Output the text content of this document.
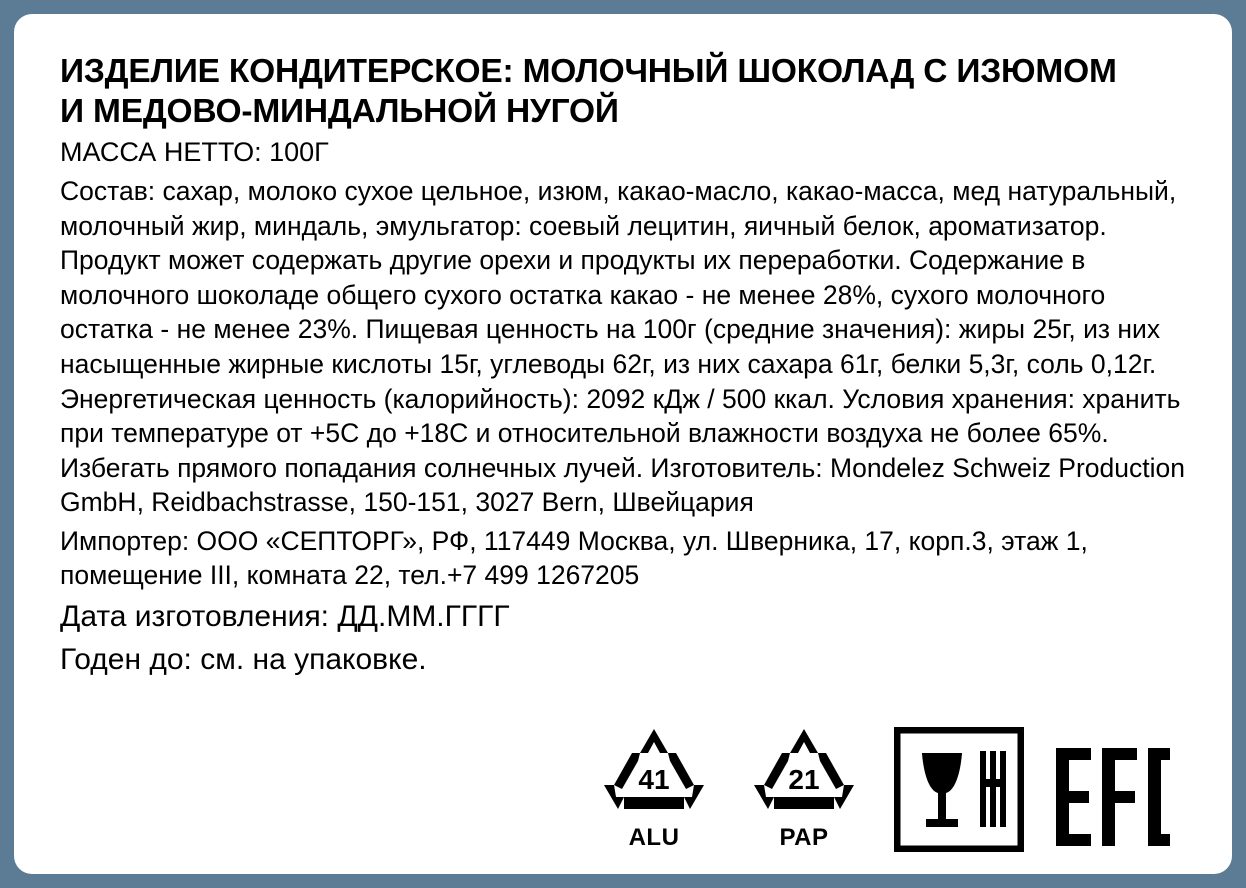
ИЗДЕЛИЕ КОНДИТЕРСКОЕ: МОЛОЧНЫЙ ШОКОЛАД С ИЗЮМОМ И МЕДОВО-МИНДАЛЬНОЙ НУГОЙ
МАССА НЕТТО: 100Г
Состав: сахар, молоко сухое цельное, изюм, какао-масло, какао-масса, мед натуральный, молочный жир, миндаль, эмульгатор: соевый лецитин, яичный белок, ароматизатор. Продукт может содержать другие орехи и продукты их переработки. Содержание в молочного шоколаде общего сухого остатка какао - не менее 28%, сухого молочного остатка - не менее 23%. Пищевая ценность на 100г (средние значения): жиры 25г, из них насыщенные жирные кислоты 15г, углеводы 62г, из них сахара 61г, белки 5,3г, соль 0,12г. Энергетическая ценность (калорийность): 2092 кДж / 500 ккал. Условия хранения: хранить при температуре от +5С до +18С и относительной влажности воздуха не более 65%. Избегать прямого попадания солнечных лучей. Изготовитель: Mondelez Schweiz Production GmbH, Reidbachstrasse, 150-151, 3027 Bern, Швейцария
Импортер: ООО «СЕПТОРГ», РФ, 117449 Москва, ул. Шверника, 17, корп.3, этаж 1, помещение III, комната 22, тел.+7 499 1267205
Дата изготовления: ДД.ММ.ГГГГ
Годен до: см. на упаковке.
41
ALU
21
PAP
